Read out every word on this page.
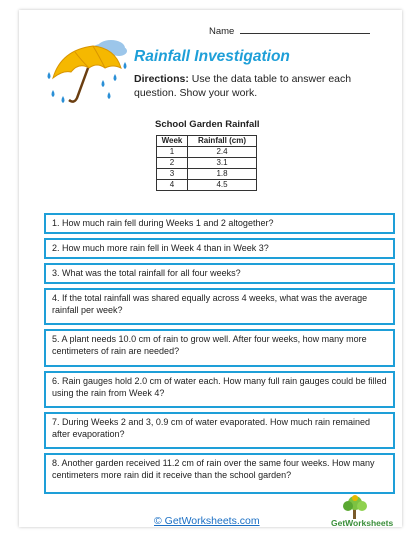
Name
Rainfall Investigation
Directions: Use the data table to answer each question. Show your work.
School Garden Rainfall
Week	Rainfall (cm)
1	2.4
2	3.1
3	1.8
4	4.5
1. How much rain fell during Weeks 1 and 2 altogether?
2. How much more rain fell in Week 4 than in Week 3?
3. What was the total rainfall for all four weeks?
4. If the total rainfall was shared equally across 4 weeks, what was the average rainfall per week?
5. A plant needs 10.0 cm of rain to grow well. After four weeks, how many more centimeters of rain are needed?
6. Rain gauges hold 2.0 cm of water each. How many full rain gauges could be filled using the rain from Week 4?
7. During Weeks 2 and 3, 0.9 cm of water evaporated. How much rain remained after evaporation?
8. Another garden received 11.2 cm of rain over the same four weeks. How many centimeters more rain did it receive than the school garden?
© GetWorksheets.com	GetWorksheets
